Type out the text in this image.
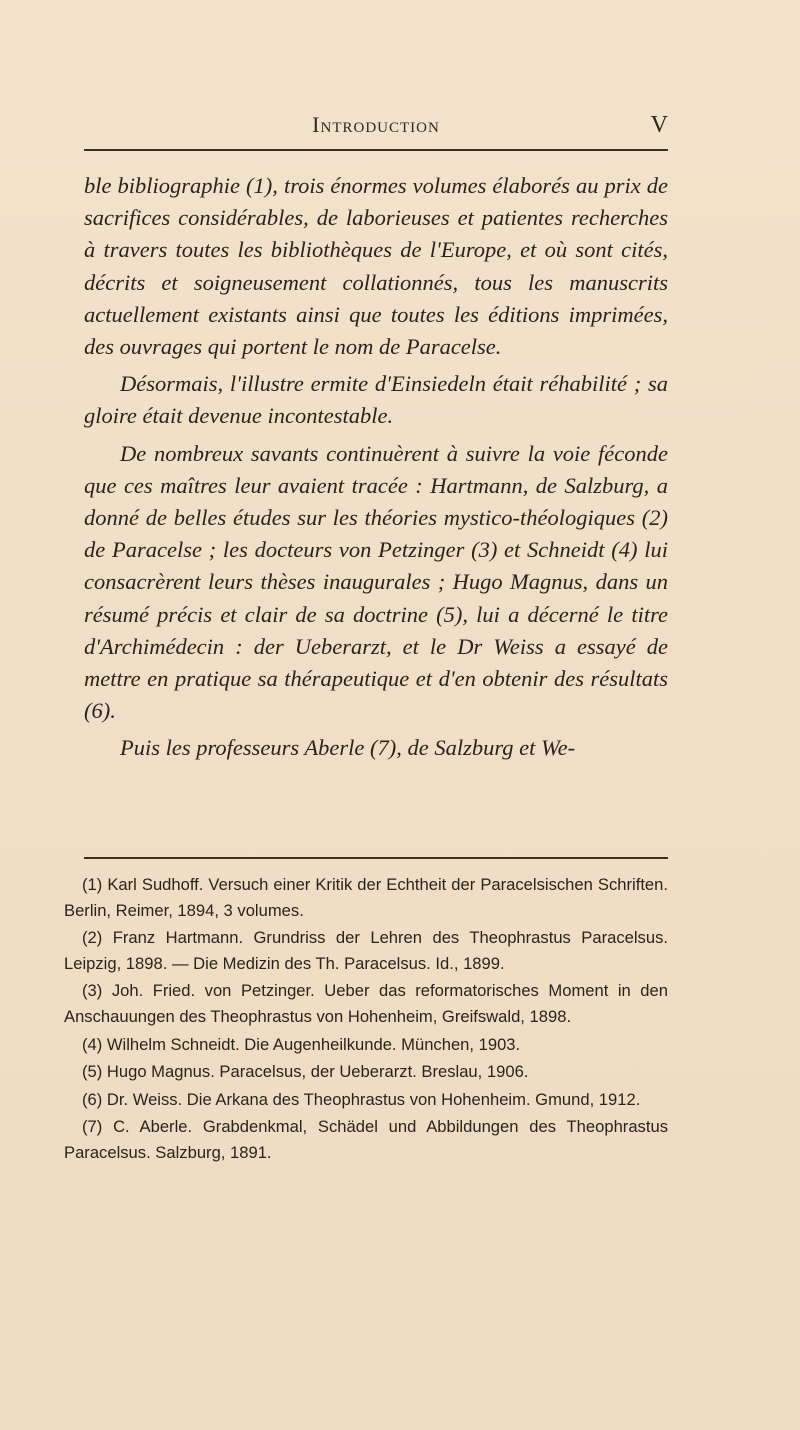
Introduction	V

ble bibliographie (1), trois énormes volumes élaborés au prix de sacrifices considérables, de laborieuses et patientes recherches à travers toutes les bibliothèques de l'Europe, et où sont cités, décrits et soigneusement collationnés, tous les manuscrits actuellement existants ainsi que toutes les éditions imprimées, des ouvrages qui portent le nom de Paracelse.

Désormais, l'illustre ermite d'Einsiedeln était réhabilité ; sa gloire était devenue incontestable.

De nombreux savants continuèrent à suivre la voie féconde que ces maîtres leur avaient tracée : Hartmann, de Salzburg, a donné de belles études sur les théories mystico-théologiques (2) de Paracelse ; les docteurs von Petzinger (3) et Schneidt (4) lui consacrèrent leurs thèses inaugurales ; Hugo Magnus, dans un résumé précis et clair de sa doctrine (5), lui a décerné le titre d'Archimédecin : der Ueberarzt, et le Dr Weiss a essayé de mettre en pratique sa thérapeutique et d'en obtenir des résultats (6).

Puis les professeurs Aberle (7), de Salzburg et We-

(1) Karl Sudhoff. Versuch einer Kritik der Echtheit der Paracelsischen Schriften. Berlin, Reimer, 1894, 3 volumes.

(2) Franz Hartmann. Grundriss der Lehren des Theophrastus Paracelsus. Leipzig, 1898. — Die Medizin des Th. Paracelsus. Id., 1899.

(3) Joh. Fried. von Petzinger. Ueber das reformatorisches Moment in den Anschauungen des Theophrastus von Hohenheim, Greifswald, 1898.

(4) Wilhelm Schneidt. Die Augenheilkunde. München, 1903.

(5) Hugo Magnus. Paracelsus, der Ueberarzt. Breslau, 1906.

(6) Dr. Weiss. Die Arkana des Theophrastus von Hohenheim. Gmund, 1912.

(7) C. Aberle. Grabdenkmal, Schädel und Abbildungen des Theophrastus Paracelsus. Salzburg, 1891.
